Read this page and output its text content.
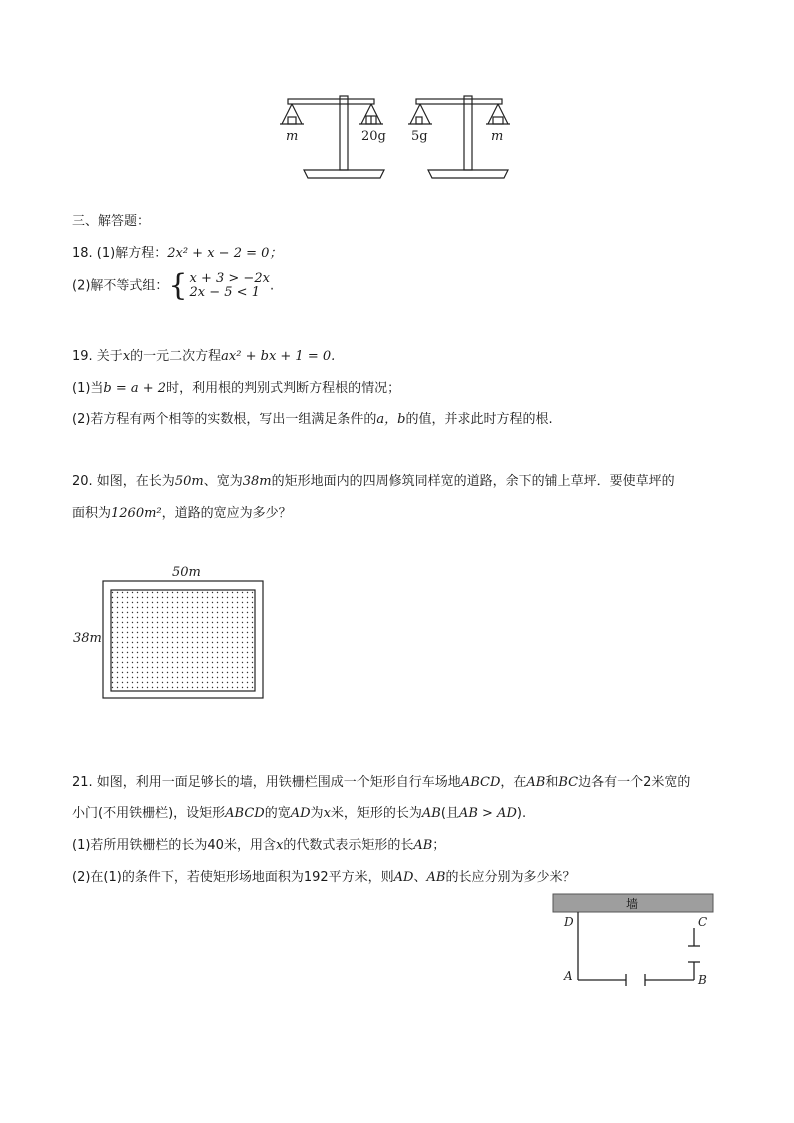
m	20g 5g	m
三、解答题：
18. (1)解方程：2x² + x − 2 = 0；
(2)解不等式组： { x + 3 > −2x
2x − 5 < 1 .
19. 关于x的一元二次方程ax² + bx + 1 = 0.
(1)当b = a + 2时，利用根的判别式判断方程根的情况；
(2)若方程有两个相等的实数根，写出一组满足条件的a，b的值，并求此时方程的根.
20. 如图，在长为50m、宽为38m的矩形地面内的四周修筑同样宽的道路，余下的铺上草坪．要使草坪的
面积为1260m²，道路的宽应为多少？
50m
38m
21. 如图，利用一面足够长的墙，用铁栅栏围成一个矩形自行车场地ABCD，在AB和BC边各有一个2米宽的
小门(不用铁栅栏)，设矩形ABCD的宽AD为x米，矩形的长为AB(且AB > AD).
(1)若所用铁栅栏的长为40米，用含x的代数式表示矩形的长AB；
(2)在(1)的条件下，若使矩形场地面积为192平方米，则AD、AB的长应分别为多少米？
墙
D	C
A	B
